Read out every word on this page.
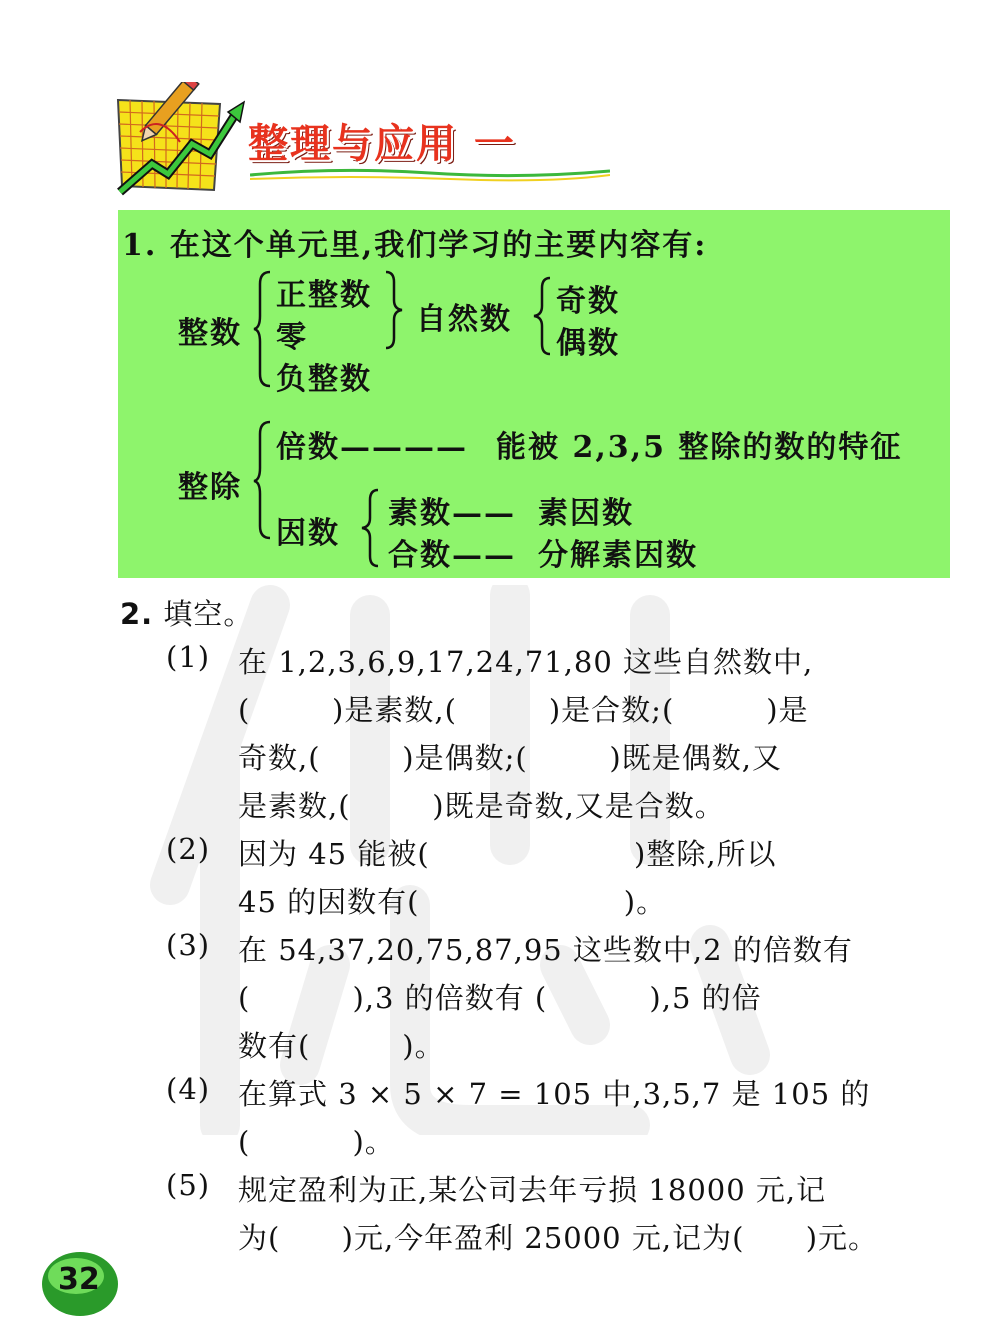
整理与应用 一
1. 在这个单元里,我们学习的主要内容有:
整数
正整数
零
负整数
自然数
奇数
偶数
整除
倍数———— 能被 2,3,5 整除的数的特征
因数
素数—— 素因数
合数—— 分解素因数
2. 填空。
(1) 在 1,2,3,6,9,17,24,71,80 这些自然数中,
(        )是素数,(         )是合数;(         )是
奇数,(        )是偶数;(        )既是偶数,又
是素数,(        )既是奇数,又是合数。
(2) 因为 45 能被(                    )整除,所以
45 的因数有(                    )。
(3) 在 54,37,20,75,87,95 这些数中,2 的倍数有
(          ),3 的倍数有 (          ),5 的倍
数有(         )。
(4) 在算式 3 × 5 × 7 = 105 中,3,5,7 是 105 的
(          )。
(5) 规定盈利为正,某公司去年亏损 18000 元,记
为(      )元,今年盈利 25000 元,记为(      )元。
32
